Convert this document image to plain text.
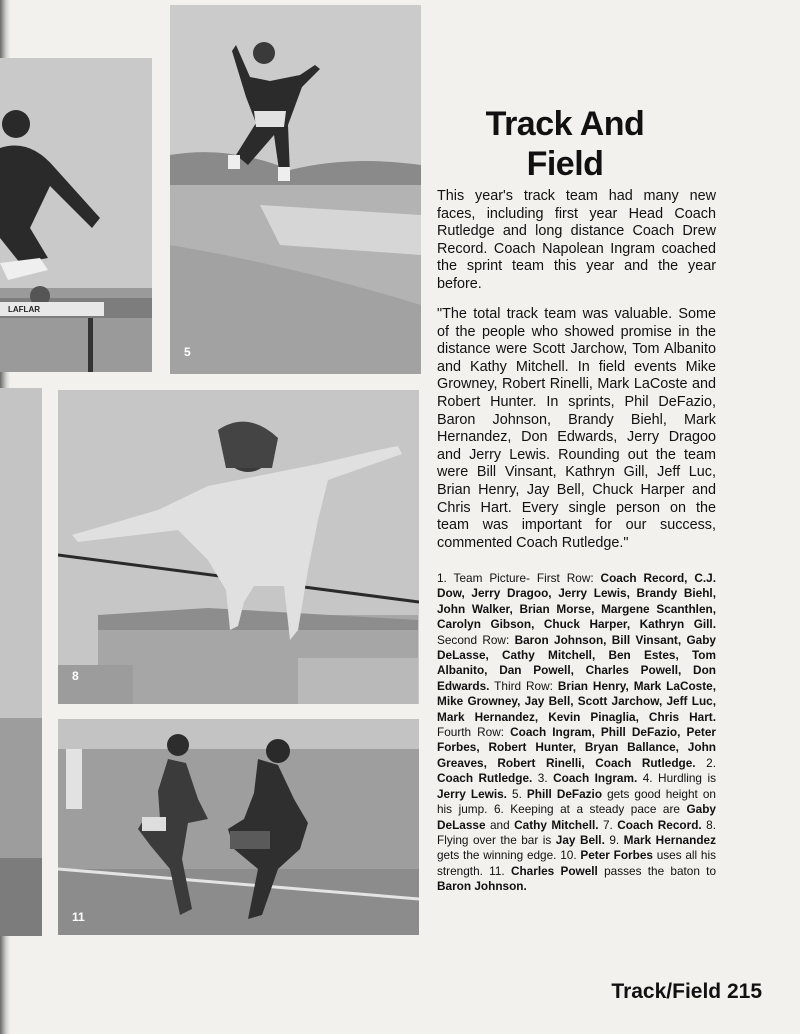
LAFLAR
5
8
11
Track And
Field

This year's track team had many new faces, including first year Head Coach Rutledge and long distance Coach Drew Record. Coach Napolean Ingram coached the sprint team this year and the year before.

"The total track team was valuable. Some of the people who showed promise in the distance were Scott Jarchow, Tom Albanito and Kathy Mitchell. In field events Mike Growney, Robert Rinelli, Mark LaCoste and Robert Hunter. In sprints, Phil DeFazio, Baron Johnson, Brandy Biehl, Mark Hernandez, Don Edwards, Jerry Dragoo and Jerry Lewis. Rounding out the team were Bill Vinsant, Kathryn Gill, Jeff Luc, Brian Henry, Jay Bell, Chuck Harper and Chris Hart. Every single person on the team was important for our success, commented Coach Rutledge."

1. Team Picture- First Row: Coach Record, C.J. Dow, Jerry Dragoo, Jerry Lewis, Brandy Biehl, John Walker, Brian Morse, Margene Scanthlen, Carolyn Gibson, Chuck Harper, Kathryn Gill. Second Row: Baron Johnson, Bill Vinsant, Gaby DeLasse, Cathy Mitchell, Ben Estes, Tom Albanito, Dan Powell, Charles Powell, Don Edwards. Third Row: Brian Henry, Mark LaCoste, Mike Growney, Jay Bell, Scott Jarchow, Jeff Luc, Mark Hernandez, Kevin Pinaglia, Chris Hart. Fourth Row: Coach Ingram, Phill DeFazio, Peter Forbes, Robert Hunter, Bryan Ballance, John Greaves, Robert Rinelli, Coach Rutledge. 2. Coach Rutledge. 3. Coach Ingram. 4. Hurdling is Jerry Lewis. 5. Phill DeFazio gets good height on his jump. 6. Keeping at a steady pace are Gaby DeLasse and Cathy Mitchell. 7. Coach Record. 8. Flying over the bar is Jay Bell. 9. Mark Hernandez gets the winning edge. 10. Peter Forbes uses all his strength. 11. Charles Powell passes the baton to Baron Johnson.

Track/Field 215
